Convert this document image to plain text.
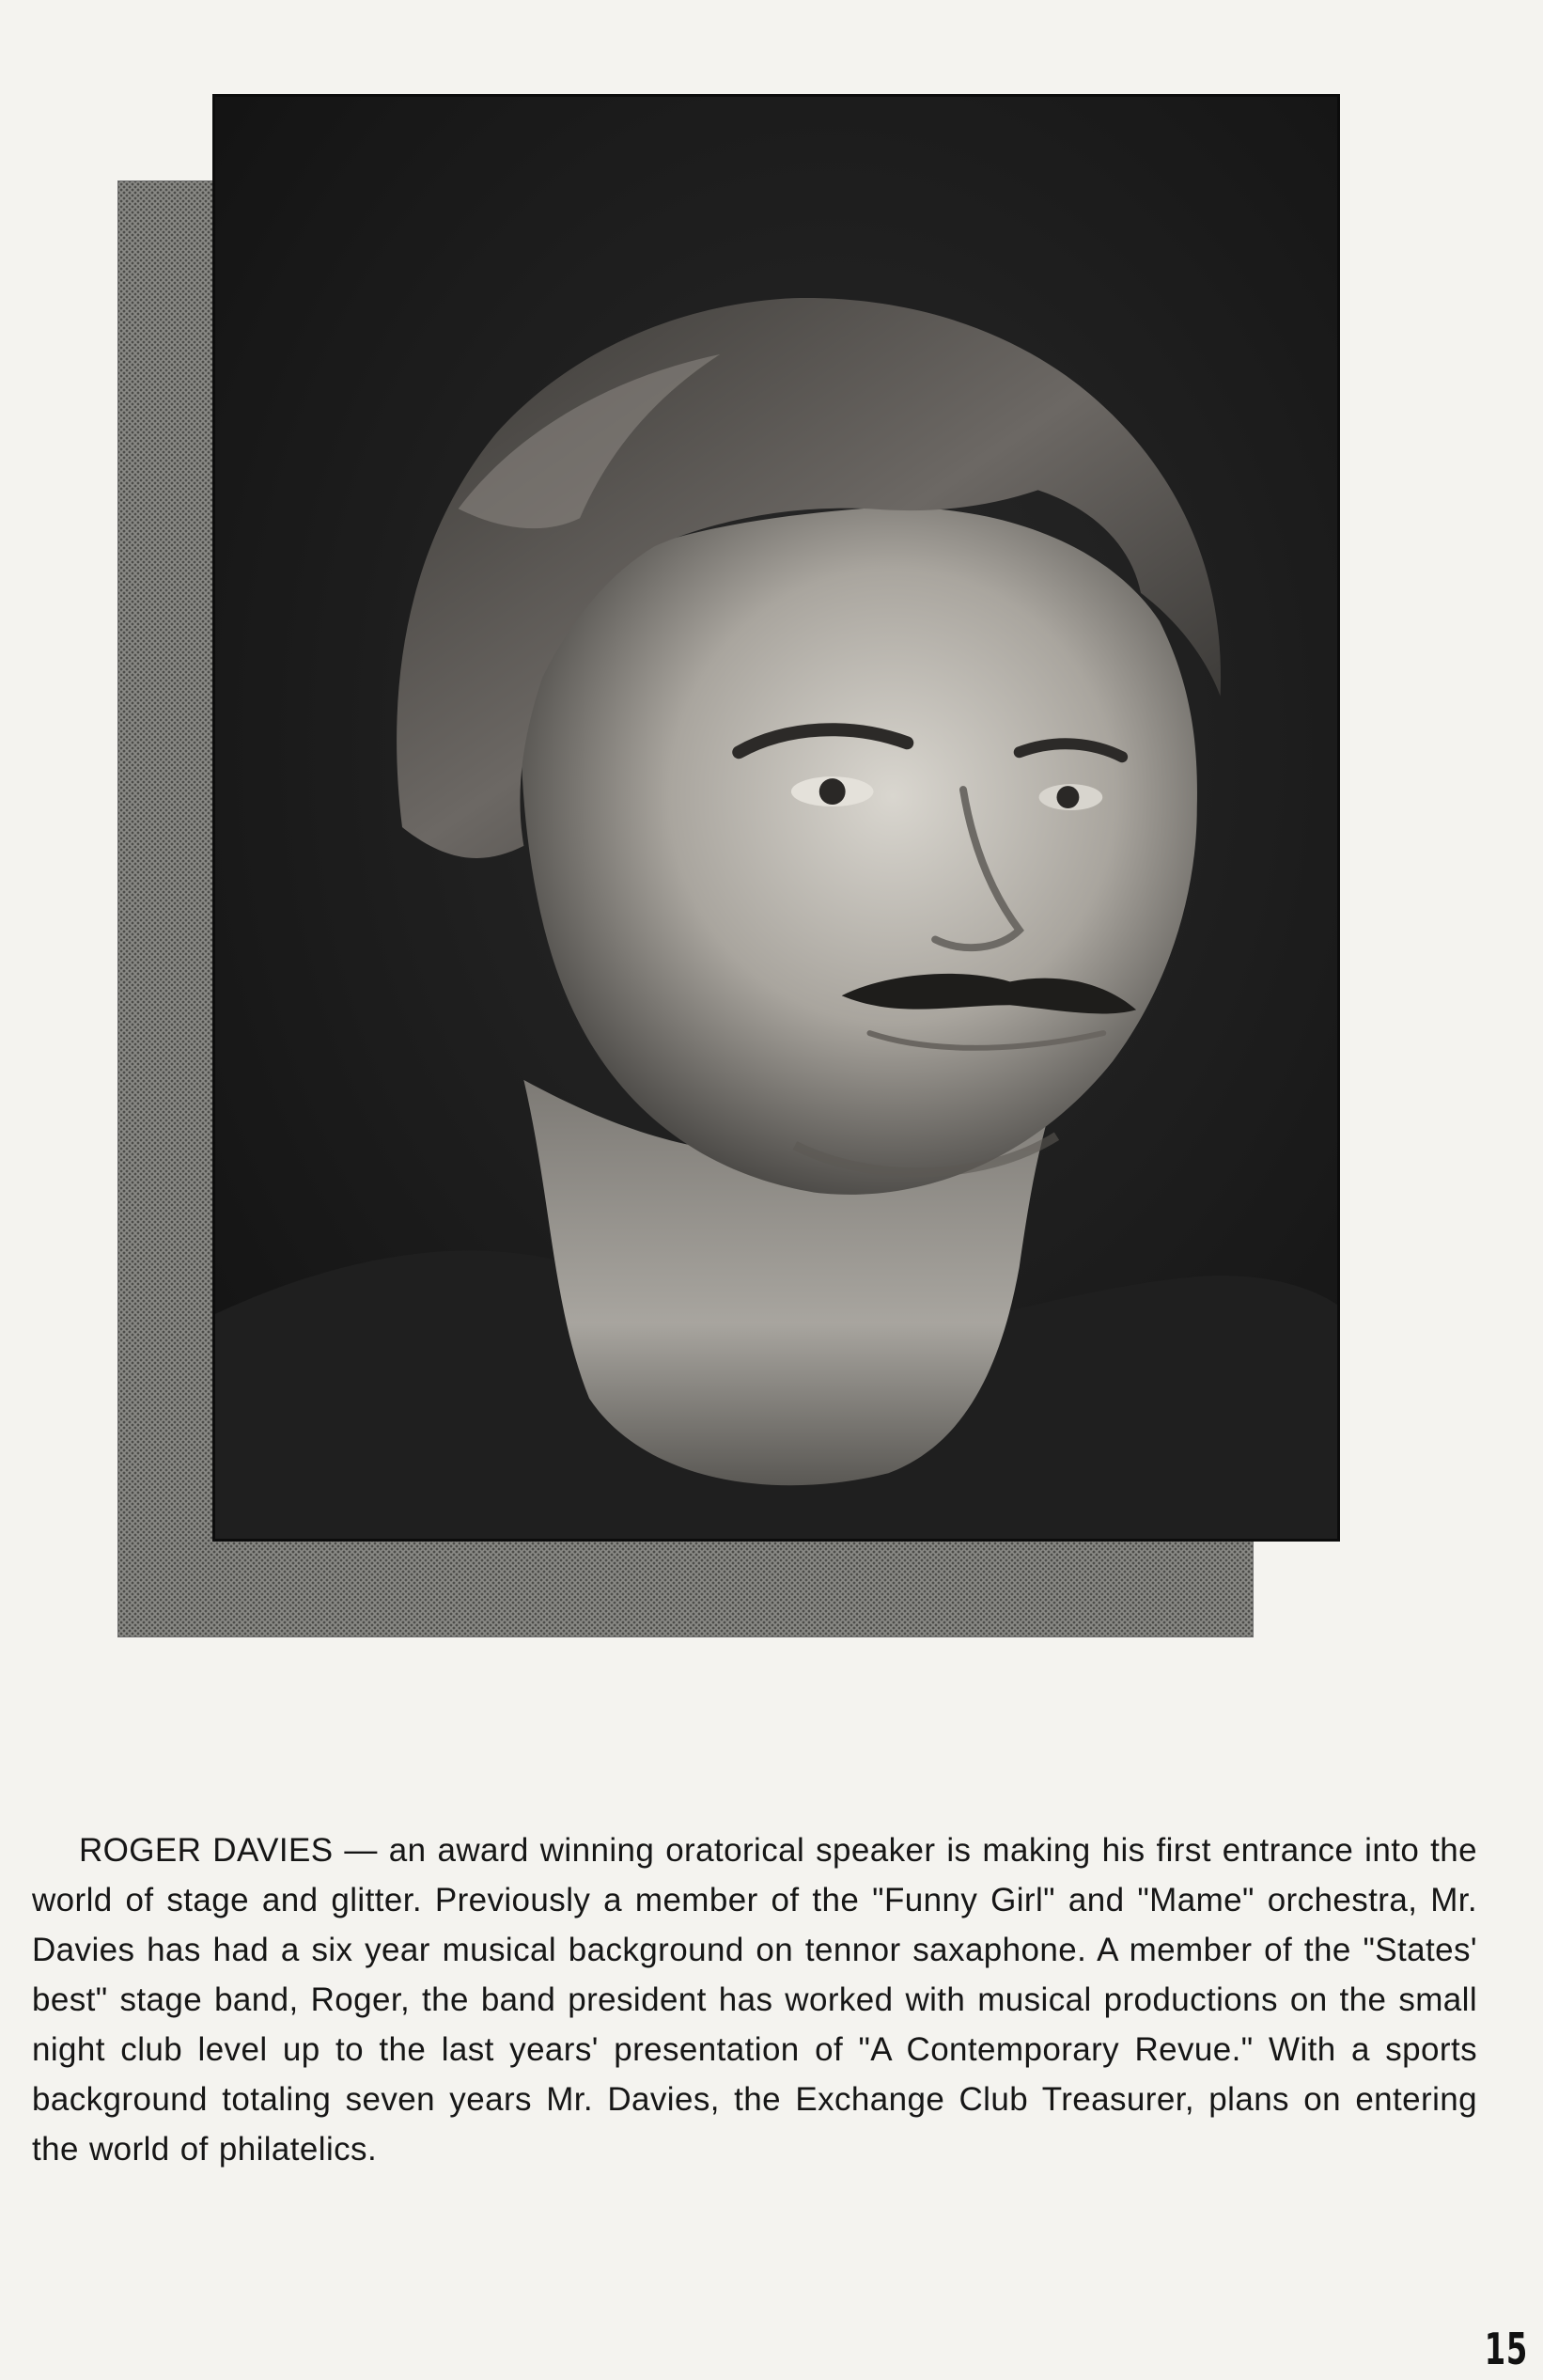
ROGER DAVIES — an award winning oratorical speaker is making his first entrance into the world of stage and glitter. Previously a member of the "Funny Girl" and "Mame" orchestra, Mr. Davies has had a six year musical background on tennor saxaphone. A member of the "States' best" stage band, Roger, the band president has worked with musical productions on the small night club level up to the last years' presentation of "A Contemporary Revue." With a sports background totaling seven years Mr. Davies, the Exchange Club Treasurer, plans on entering the world of philatelics.

15
